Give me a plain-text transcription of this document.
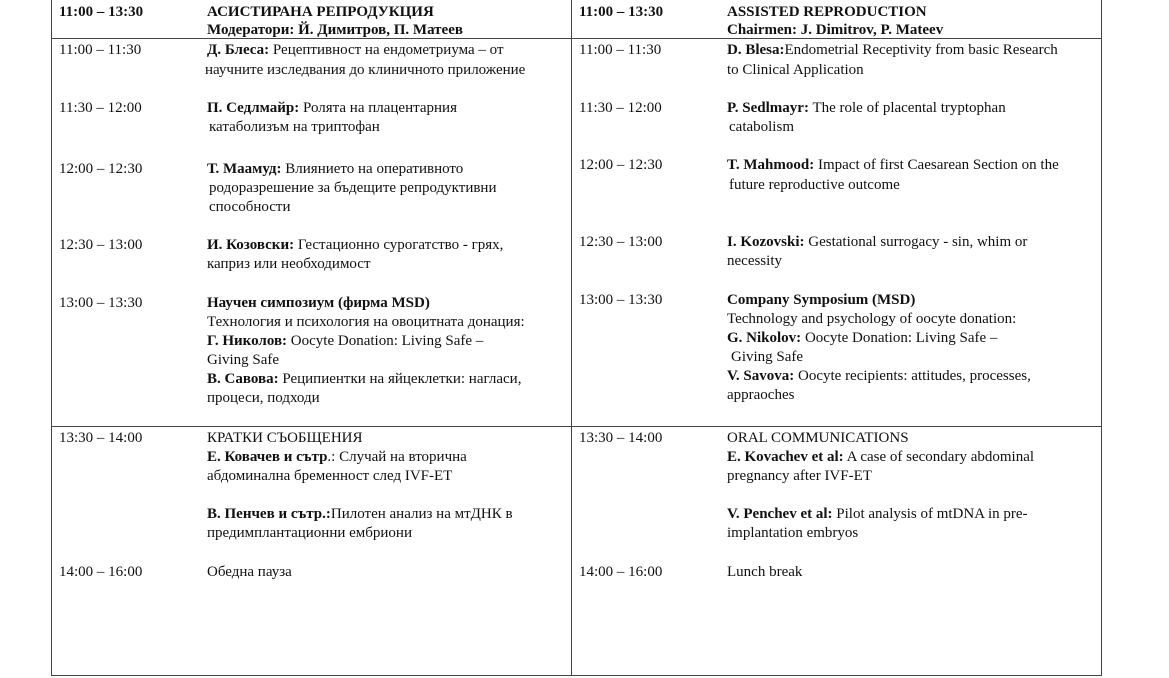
11:00 – 13:30	АСИСТИРАНА РЕПРОДУКЦИЯ
Модератори: Й. Димитров, П. Матеев
11:00 – 11:30	Д. Блеса: Рецептивност на ендометриума – от
научните изследвания до клиничното приложение
11:30 – 12:00	П. Седлмайр: Ролята на плацентарния
катаболизъм на триптофан
12:00 – 12:30	Т. Маамуд: Влиянието на оперативното
родоразрешение за бъдещите репродуктивни
способности
12:30 – 13:00	И. Козовски: Гестационно сурогатство - грях,
каприз или необходимост
13:00 – 13:30	Научен симпозиум (фирма MSD)
Технология и психология на овоцитната донация:
Г. Николов: Oocyte Donation: Living Safe –
Giving Safe
В. Савова: Реципиентки на яйцеклетки: нагласи,
процеси, подходи
13:30 – 14:00	КРАТКИ СЪОБЩЕНИЯ
Е. Ковачев и сътр.: Случай на вторична
абдоминална бременност след IVF-ET
В. Пенчев и сътр.:Пилотен анализ на мтДНК в
предимплантационни ембриони
14:00 – 16:00	Обедна пауза
11:00 – 13:30	ASSISTED REPRODUCTION
Chairmen: J. Dimitrov, P. Mateev
11:00 – 11:30	D. Blesa:Endometrial Receptivity from basic Research
to Clinical Application
11:30 – 12:00	P. Sedlmayr: The role of placental tryptophan
catabolism
12:00 – 12:30	T. Mahmood: Impact of first Caesarean Section on the
future reproductive outcome
12:30 – 13:00	I. Kozovski: Gestational surrogacy - sin, whim or
necessity
13:00 – 13:30	Company Symposium (MSD)
Technology and psychology of oocyte donation:
G. Nikolov: Oocyte Donation: Living Safe –
Giving Safe
V. Savova: Oocyte recipients: attitudes, processes,
appraoches
13:30 – 14:00	ORAL COMMUNICATIONS
E. Kovachev et al: A case of secondary abdominal
pregnancy after IVF-ET
V. Penchev et al: Pilot analysis of mtDNA in pre-
implantation embryos
14:00 – 16:00	Lunch break
